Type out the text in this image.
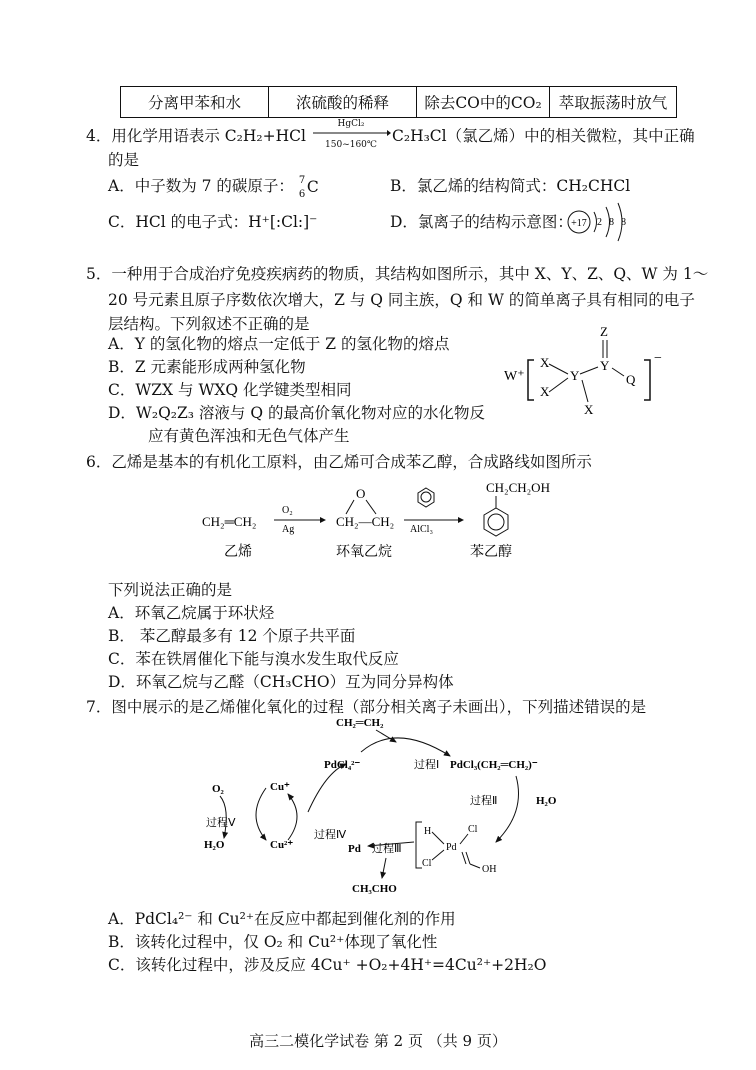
分离甲苯和水	浓硫酸的稀释	除去CO中的CO₂	萃取振荡时放气
4．用化学用语表示 C₂H₂+HCl
HgCl₂
150~160℃ C₂H₃Cl（氯乙烯）中的相关微粒，其中正确
的是
A．中子数为 7 的碳原子： 7
6 C	B．氯乙烯的结构简式：CH₂CHCl
C．HCl 的电子式：H⁺[:Cl:]⁻	D．氯离子的结构示意图：
+17 2 8 8
5．一种用于合成治疗免疫疾病药的物质，其结构如图所示，其中 X、Y、Z、Q、W 为 1～
20 号元素且原子序数依次增大，Z 与 Q 同主族，Q 和 W 的简单离子具有相同的电子
层结构。下列叙述不正确的是
A．Y 的氢化物的熔点一定低于 Z 的氢化物的熔点
B．Z 元素能形成两种氢化物
C．WZX 与 WXQ 化学键类型相同
D．W₂Q₂Z₃ 溶液与 Q 的最高价氧化物对应的水化物反
应有黄色浑浊和无色气体产生
W⁺
−
X
X
Y
Y
Z
Q
X
6．乙烯是基本的有机化工原料，由乙烯可合成苯乙醇，合成路线如图所示
CH₂═CH₂
O₂
Ag
CH₂—CH₂
O
AlCl₃
CH₂CH₂OH
乙烯	环氧乙烷	苯乙醇
下列说法正确的是
A．环氧乙烷属于环状烃
B． 苯乙醇最多有 12 个原子共平面
C．苯在铁屑催化下能与溴水发生取代反应
D．环氧乙烷与乙醛（CH₃CHO）互为同分异构体
7．图中展示的是乙烯催化氧化的过程（部分相关离子未画出），下列描述错误的是
CH₂═CH₂
PdCl₄²⁻	过程Ⅰ PdCl₃(CH₂═CH₂)⁻
过程Ⅱ	H₂O
O₂	Cu⁺
过程Ⅴ
过程Ⅳ
H₂O	Cu²⁺	Pd 过程Ⅲ
H	Cl
Pd
Cl
OH
CH₃CHO
A．PdCl₄²⁻ 和 Cu²⁺在反应中都起到催化剂的作用
B．该转化过程中，仅 O₂ 和 Cu²⁺体现了氧化性
C．该转化过程中，涉及反应 4Cu⁺ +O₂+4H⁺=4Cu²⁺+2H₂O
高三二模化学试卷 第 2 页 （共 9 页）
